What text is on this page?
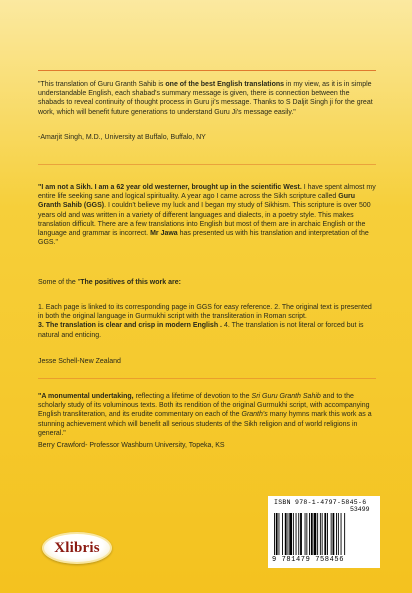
"This translation of Guru Granth Sahib is one of the best English translations in my view, as it is in simple understandable English, each shabad's summary message is given, there is connection between the shabads to reveal continuity of thought process in Guru ji's message. Thanks to S Daljit Singh ji for the great work, which will benefit future generations to understand Guru Ji's message easily."

-Amarjit Singh, M.D., University at Buffalo, Buffalo, NY

"I am not a Sikh. I am a 62 year old westerner, brought up in the scientific West. I have spent almost my entire life seeking sane and logical spirituality. A year ago I came across the Sikh scripture called Guru Granth Sahib (GGS). I couldn't believe my luck and I began my study of Sikhism. This scripture is over 500 years old and was written in a variety of different languages and dialects, in a poetry style. This makes translation difficult. There are a few translations into English but most of them are in archaic English or the language and grammar is incorrect. Mr Jawa has presented us with his translation and interpretation of the GGS."

Some of the "The positives of this work are:

1. Each page is linked to its corresponding page in GGS for easy reference. 2. The original text is presented in both the original language in Gurmukhi script with the transliteration in Roman script.
3. The translation is clear and crisp in modern English . 4. The translation is not literal or forced but is natural and enticing.

Jesse Schell-New Zealand

"A monumental undertaking, reflecting a lifetime of devotion to the Sri Guru Granth Sahib and to the scholarly study of its voluminous texts. Both its rendition of the original Gurmukhi script, with accompanying English transliteration, and its erudite commentary on each of the Granth's many hymns mark this work as a stunning achievement which will benefit all serious students of the Sikh religion and of world religions in general."

Berry Crawford- Professor Washburn University, Topeka, KS

Xlibris
ISBN 978-1-4797-5845-6
53499
9 781479 758456
